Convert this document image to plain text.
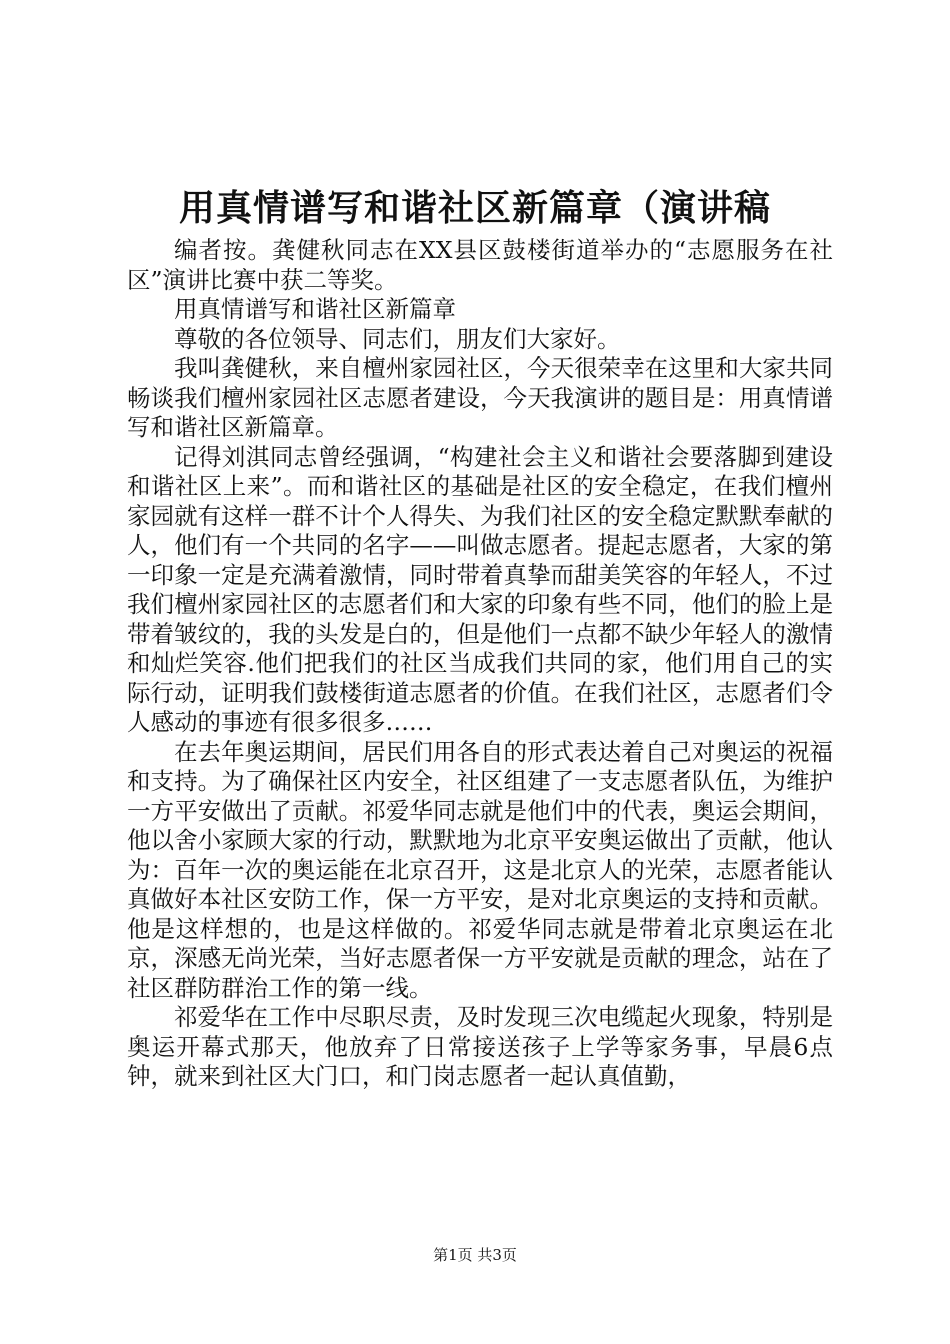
用真情谱写和谐社区新篇章（演讲稿

编者按。龚健秋同志在XX县区鼓楼街道举办的“志愿服务在社区”演讲比赛中获二等奖。

用真情谱写和谐社区新篇章

尊敬的各位领导、同志们，朋友们大家好。

我叫龚健秋，来自檀州家园社区，今天很荣幸在这里和大家共同畅谈我们檀州家园社区志愿者建设，今天我演讲的题目是：用真情谱写和谐社区新篇章。

记得刘淇同志曾经强调，“构建社会主义和谐社会要落脚到建设和谐社区上来”。而和谐社区的基础是社区的安全稳定，在我们檀州家园就有这样一群不计个人得失、为我们社区的安全稳定默默奉献的人，他们有一个共同的名字——叫做志愿者。提起志愿者，大家的第一印象一定是充满着激情，同时带着真挚而甜美笑容的年轻人，不过我们檀州家园社区的志愿者们和大家的印象有些不同，他们的脸上是带着皱纹的，我的头发是白的，但是他们一点都不缺少年轻人的激情和灿烂笑容.他们把我们的社区当成我们共同的家，他们用自己的实际行动，证明我们鼓楼街道志愿者的价值。在我们社区，志愿者们令人感动的事迹有很多很多……

在去年奥运期间，居民们用各自的形式表达着自己对奥运的祝福和支持。为了确保社区内安全，社区组建了一支志愿者队伍，为维护一方平安做出了贡献。祁爱华同志就是他们中的代表，奥运会期间，他以舍小家顾大家的行动，默默地为北京平安奥运做出了贡献，他认为：百年一次的奥运能在北京召开，这是北京人的光荣，志愿者能认真做好本社区安防工作，保一方平安，是对北京奥运的支持和贡献。他是这样想的，也是这样做的。祁爱华同志就是带着北京奥运在北京，深感无尚光荣，当好志愿者保一方平安就是贡献的理念，站在了社区群防群治工作的第一线。

祁爱华在工作中尽职尽责，及时发现三次电缆起火现象，特别是奥运开幕式那天，他放弃了日常接送孩子上学等家务事，早晨6点钟，就来到社区大门口，和门岗志愿者一起认真值勤，

第1页 共3页
